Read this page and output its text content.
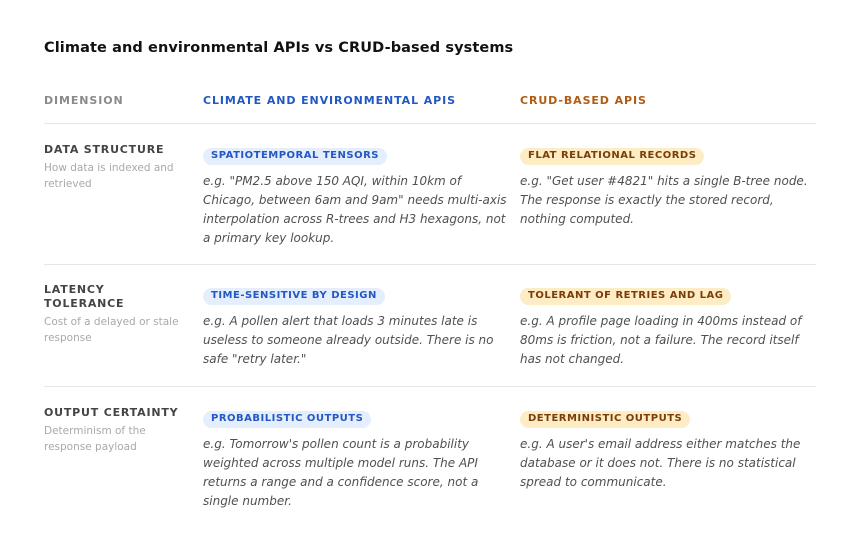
Climate and environmental APIs vs CRUD-based systems
DIMENSION	CLIMATE AND ENVIRONMENTAL APIS	CRUD-BASED APIS
DATA STRUCTURE
How data is indexed and retrieved
SPATIOTEMPORAL TENSORS
e.g. "PM2.5 above 150 AQI, within 10km of Chicago, between 6am and 9am" needs multi-axis interpolation across R-trees and H3 hexagons, not a primary key lookup.
FLAT RELATIONAL RECORDS
e.g. "Get user #4821" hits a single B-tree node. The response is exactly the stored record, nothing computed.
LATENCY TOLERANCE
Cost of a delayed or stale response
TIME-SENSITIVE BY DESIGN
e.g. A pollen alert that loads 3 minutes late is useless to someone already outside. There is no safe "retry later."
TOLERANT OF RETRIES AND LAG
e.g. A profile page loading in 400ms instead of 80ms is friction, not a failure. The record itself has not changed.
OUTPUT CERTAINTY
Determinism of the response payload
PROBABILISTIC OUTPUTS
e.g. Tomorrow's pollen count is a probability weighted across multiple model runs. The API returns a range and a confidence score, not a single number.
DETERMINISTIC OUTPUTS
e.g. A user's email address either matches the database or it does not. There is no statistical spread to communicate.
